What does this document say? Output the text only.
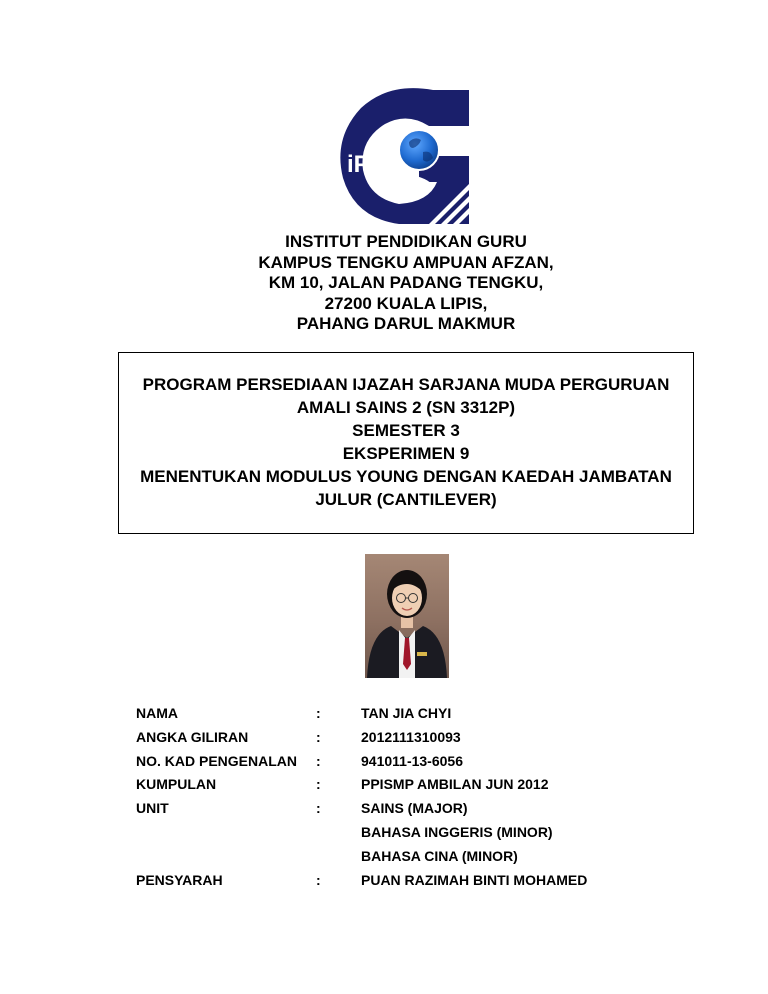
iPG
INSTITUT PENDIDIKAN GURU
KAMPUS TENGKU AMPUAN AFZAN,
KM 10, JALAN PADANG TENGKU,
27200 KUALA LIPIS,
PAHANG DARUL MAKMUR
PROGRAM PERSEDIAAN IJAZAH SARJANA MUDA PERGURUAN
AMALI SAINS 2 (SN 3312P)
SEMESTER 3
EKSPERIMEN 9
MENENTUKAN MODULUS YOUNG DENGAN KAEDAH JAMBATAN
JULUR (CANTILEVER)
NAMA	:	TAN JIA CHYI
ANGKA GILIRAN	:	2012111310093
NO. KAD PENGENALAN :	941011-13-6056
KUMPULAN	:	PPISMP AMBILAN JUN 2012
UNIT	:	SAINS (MAJOR)
BAHASA INGGERIS (MINOR)
BAHASA CINA (MINOR)
PENSYARAH	:	PUAN RAZIMAH BINTI MOHAMED
